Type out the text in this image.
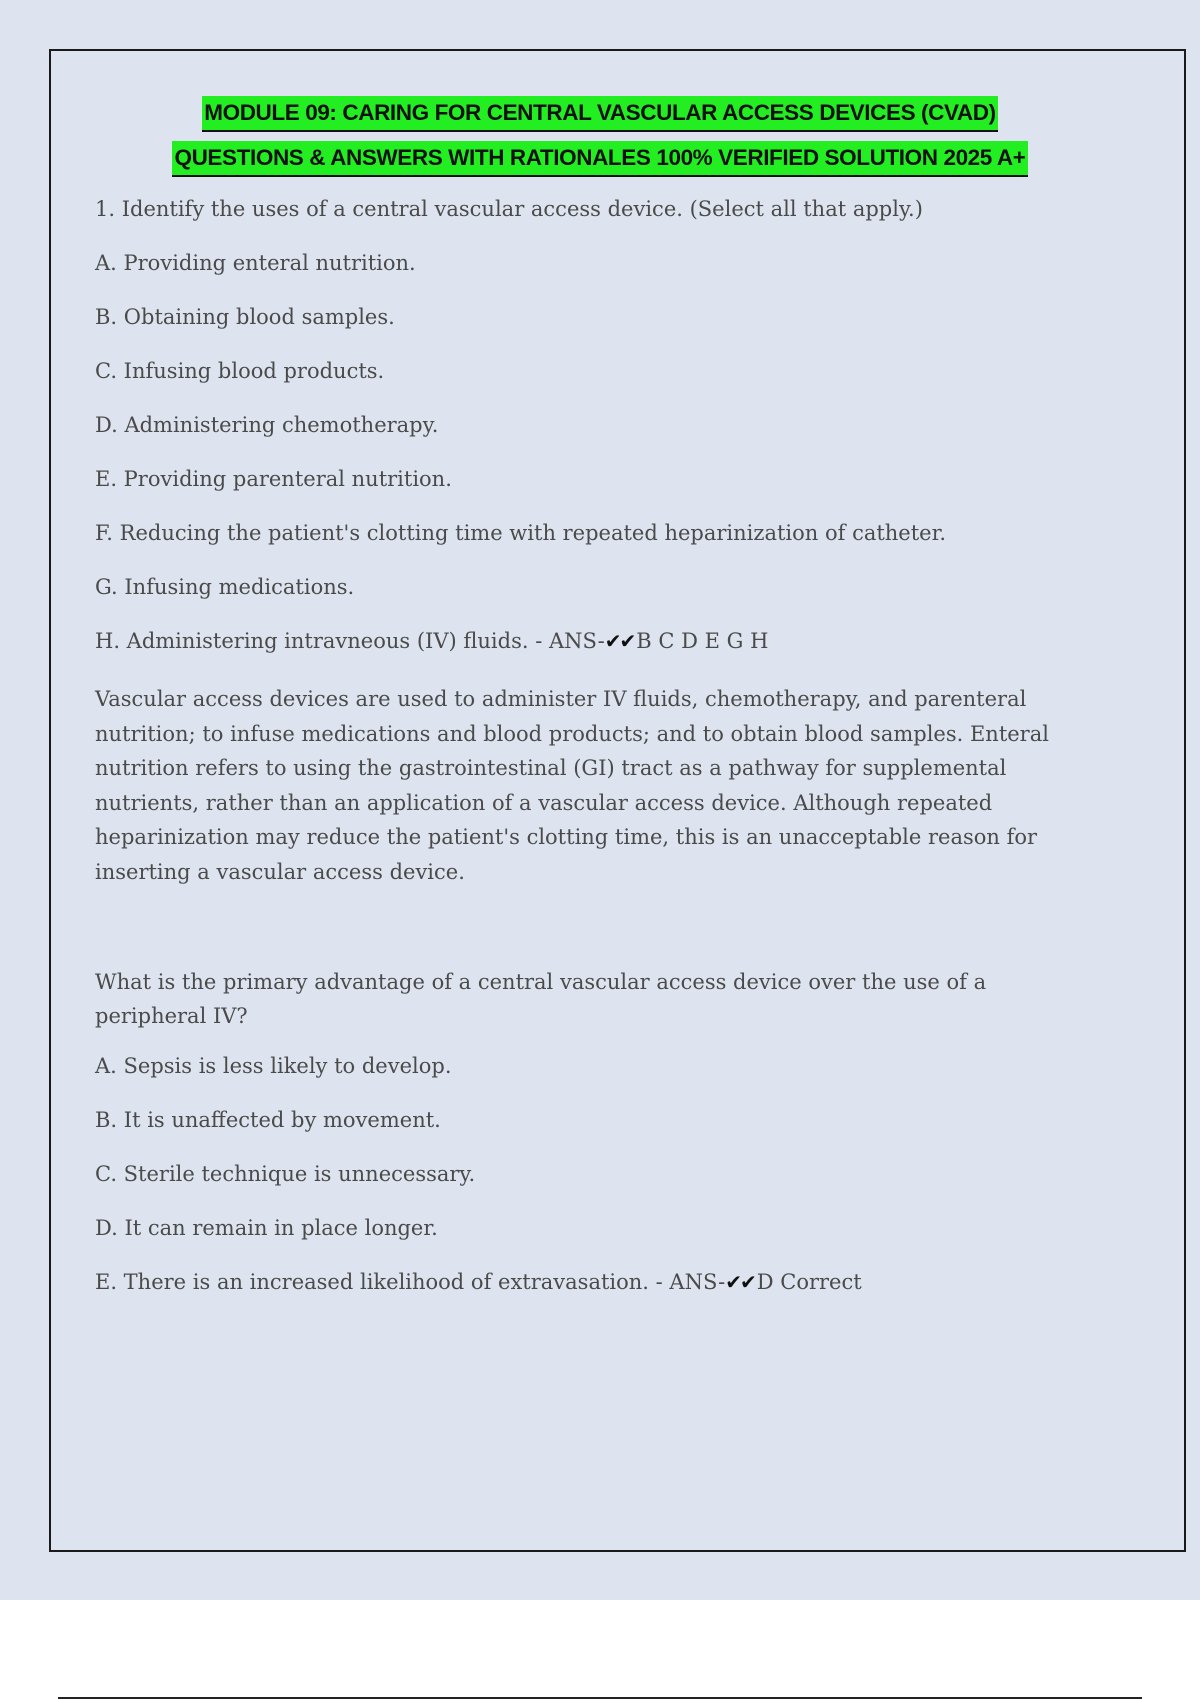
MODULE 09: CARING FOR CENTRAL VASCULAR ACCESS DEVICES (CVAD)
QUESTIONS & ANSWERS WITH RATIONALES 100% VERIFIED SOLUTION 2025 A+

1. Identify the uses of a central vascular access device. (Select all that apply.)

A. Providing enteral nutrition.

B. Obtaining blood samples.

C. Infusing blood products.

D. Administering chemotherapy.

E. Providing parenteral nutrition.

F. Reducing the patient's clotting time with repeated heparinization of catheter.

G. Infusing medications.

H. Administering intravneous (IV) fluids. - ANS-✔✔B C D E G H

Vascular access devices are used to administer IV fluids, chemotherapy, and parenteral nutrition; to infuse medications and blood products; and to obtain blood samples. Enteral nutrition refers to using the gastrointestinal (GI) tract as a pathway for supplemental nutrients, rather than an application of a vascular access device. Although repeated heparinization may reduce the patient's clotting time, this is an unacceptable reason for inserting a vascular access device.

What is the primary advantage of a central vascular access device over the use of a peripheral IV?

A. Sepsis is less likely to develop.

B. It is unaffected by movement.

C. Sterile technique is unnecessary.

D. It can remain in place longer.

E. There is an increased likelihood of extravasation. - ANS-✔✔D Correct
